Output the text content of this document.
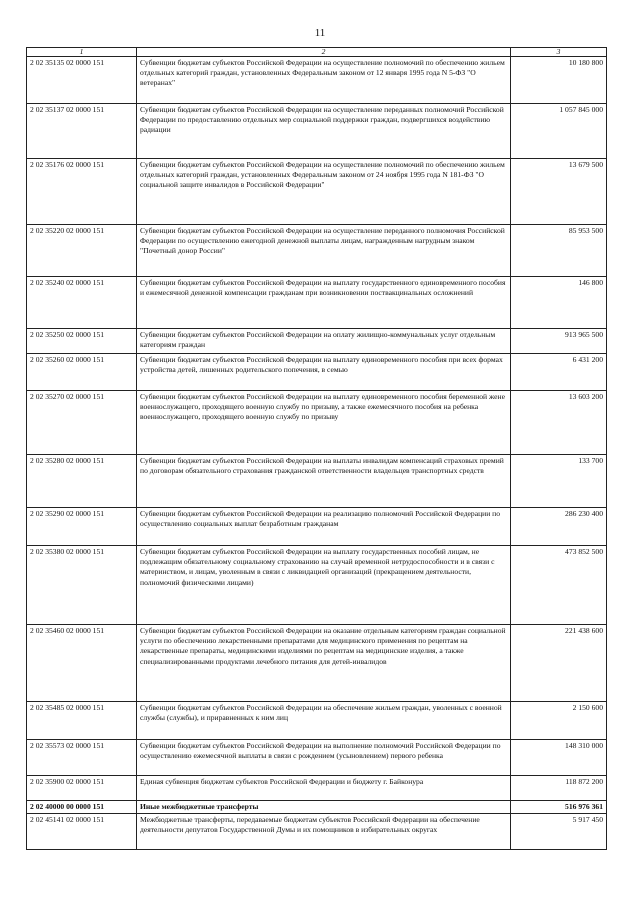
11
1	2	3
2 02 35135 02 0000 151	Субвенции бюджетам субъектов Российской Федерации на осуществление полномочий по обеспечению жильем отдельных категорий граждан, установленных Федеральным законом от 12 января 1995 года N 5-ФЗ "О ветеранах"	10 180 800
2 02 35137 02 0000 151	Субвенции бюджетам субъектов Российской Федерации на осуществление переданных полномочий Российской Федерации по предоставлению отдельных мер социальной поддержки граждан, подвергшихся воздействию радиации	1 057 845 000
2 02 35176 02 0000 151	Субвенции бюджетам субъектов Российской Федерации на осуществление полномочий по обеспечению жильем отдельных категорий граждан, установленных Федеральным законом от 24 ноября 1995 года N 181-ФЗ "О социальной защите инвалидов в Российской Федерации"	13 679 500
2 02 35220 02 0000 151	Субвенции бюджетам субъектов Российской Федерации на осуществление переданного полномочия Российской Федерации по осуществлению ежегодной денежной выплаты лицам, награжденным нагрудным знаком "Почетный донор России"	85 953 500
2 02 35240 02 0000 151	Субвенции бюджетам субъектов Российской Федерации на выплату государственного единовременного пособия и ежемесячной денежной компенсации гражданам при возникновении поствакцинальных осложнений	146 800
2 02 35250 02 0000 151	Субвенции бюджетам субъектов Российской Федерации на оплату жилищно-коммунальных услуг отдельным категориям граждан	913 965 500
2 02 35260 02 0000 151	Субвенции бюджетам субъектов Российской Федерации на выплату единовременного пособия при всех формах устройства детей, лишенных родительского попечения, в семью	6 431 200
2 02 35270 02 0000 151	Субвенции бюджетам субъектов Российской Федерации на выплату единовременного пособия беременной жене военнослужащего, проходящего военную службу по призыву, а также ежемесячного пособия на ребенка военнослужащего, проходящего военную службу по призыву	13 603 200
2 02 35280 02 0000 151	Субвенции бюджетам субъектов Российской Федерации на выплаты инвалидам компенсаций страховых премий по договорам обязательного страхования гражданской ответственности владельцев транспортных средств	133 700
2 02 35290 02 0000 151	Субвенции бюджетам субъектов Российской Федерации на реализацию полномочий Российской Федерации по осуществлению социальных выплат безработным гражданам	286 230 400
2 02 35380 02 0000 151	Субвенции бюджетам субъектов Российской Федерации на выплату государственных пособий лицам, не подлежащим обязательному социальному страхованию на случай временной нетрудоспособности и в связи с материнством, и лицам, уволенным в связи с ликвидацией организаций (прекращением деятельности, полномочий физическими лицами)	473 852 500
2 02 35460 02 0000 151	Субвенции бюджетам субъектов Российской Федерации на оказание отдельным категориям граждан социальной услуги по обеспечению лекарственными препаратами для медицинского применения по рецептам на лекарственные препараты, медицинскими изделиями по рецептам на медицинские изделия, а также специализированными продуктами лечебного питания для детей-инвалидов	221 438 600
2 02 35485 02 0000 151	Субвенции бюджетам субъектов Российской Федерации на обеспечение жильем граждан, уволенных с военной службы (службы), и приравненных к ним лиц	2 150 600
2 02 35573 02 0000 151	Субвенции бюджетам субъектов Российской Федерации на выполнение полномочий Российской Федерации по осуществлению ежемесячной выплаты в связи с рождением (усыновлением) первого ребенка	148 310 000
2 02 35900 02 0000 151	Единая субвенция бюджетам субъектов Российской Федерации и бюджету г. Байконура	118 872 200
2 02 40000 00 0000 151	Иные межбюджетные трансферты	516 976 361
2 02 45141 02 0000 151	Межбюджетные трансферты, передаваемые бюджетам субъектов Российской Федерации на обеспечение деятельности депутатов Государственной Думы и их помощников в избирательных округах	5 917 450
